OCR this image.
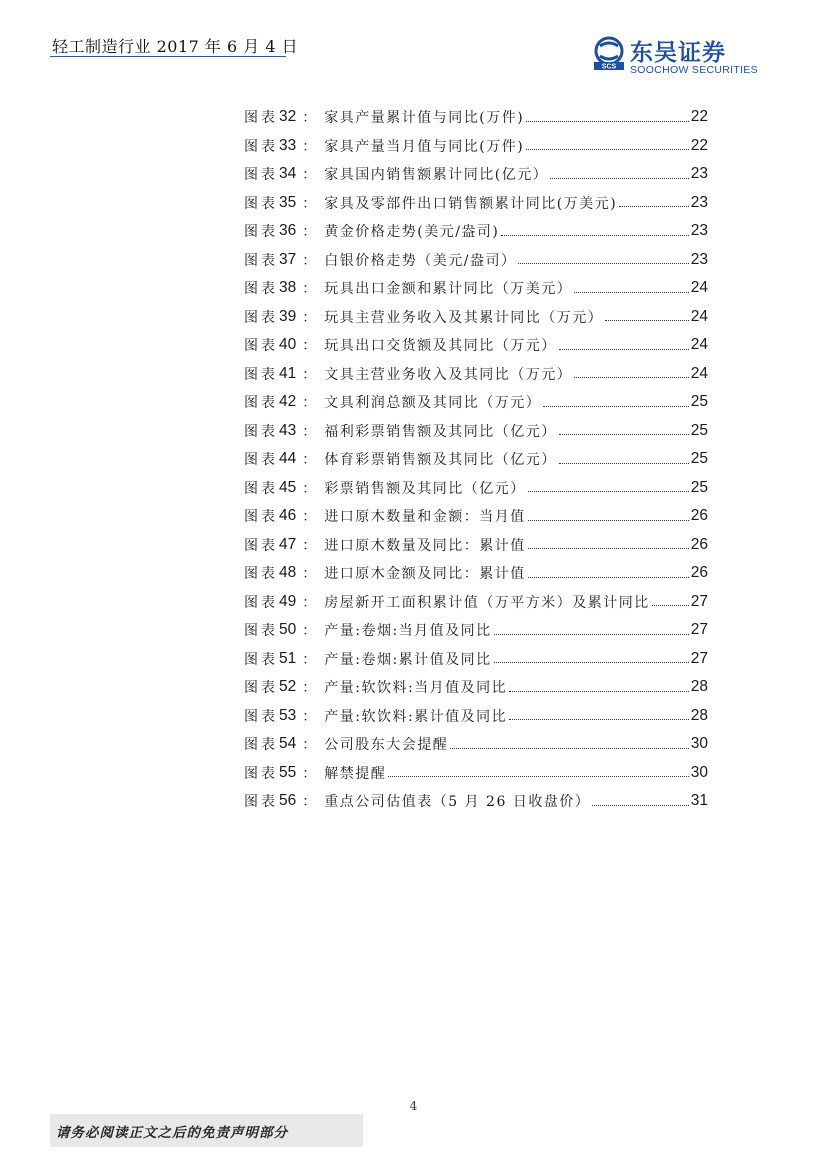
轻工制造行业 2017 年 6 月 4 日
SCS
东吴证券
SOOCHOW SECURITIES
图表 32 ： 家具产量累计值与同比(万件)	22
图表 33 ： 家具产量当月值与同比(万件)	22
图表 34 ： 家具国内销售额累计同比(亿元）	23
图表 35 ： 家具及零部件出口销售额累计同比(万美元)	23
图表 36 ： 黄金价格走势(美元/盎司)	23
图表 37 ： 白银价格走势（美元/盎司）	23
图表 38 ： 玩具出口金额和累计同比（万美元）	24
图表 39 ： 玩具主营业务收入及其累计同比（万元）	24
图表 40 ： 玩具出口交货额及其同比（万元）	24
图表 41 ： 文具主营业务收入及其同比（万元）	24
图表 42 ： 文具利润总额及其同比（万元）	25
图表 43 ： 福利彩票销售额及其同比（亿元）	25
图表 44 ： 体育彩票销售额及其同比（亿元）	25
图表 45 ： 彩票销售额及其同比（亿元）	25
图表 46 ： 进口原木数量和金额：当月值	26
图表 47 ： 进口原木数量及同比：累计值	26
图表 48 ： 进口原木金额及同比：累计值	26
图表 49 ： 房屋新开工面积累计值（万平方米）及累计同比	27
图表 50 ： 产量:卷烟:当月值及同比	27
图表 51 ： 产量:卷烟:累计值及同比	27
图表 52 ： 产量:软饮料:当月值及同比	28
图表 53 ： 产量:软饮料:累计值及同比	28
图表 54 ： 公司股东大会提醒	30
图表 55 ： 解禁提醒	30
图表 56 ： 重点公司估值表（5 月 26 日收盘价）	31
4
请务必阅读正文之后的免责声明部分
